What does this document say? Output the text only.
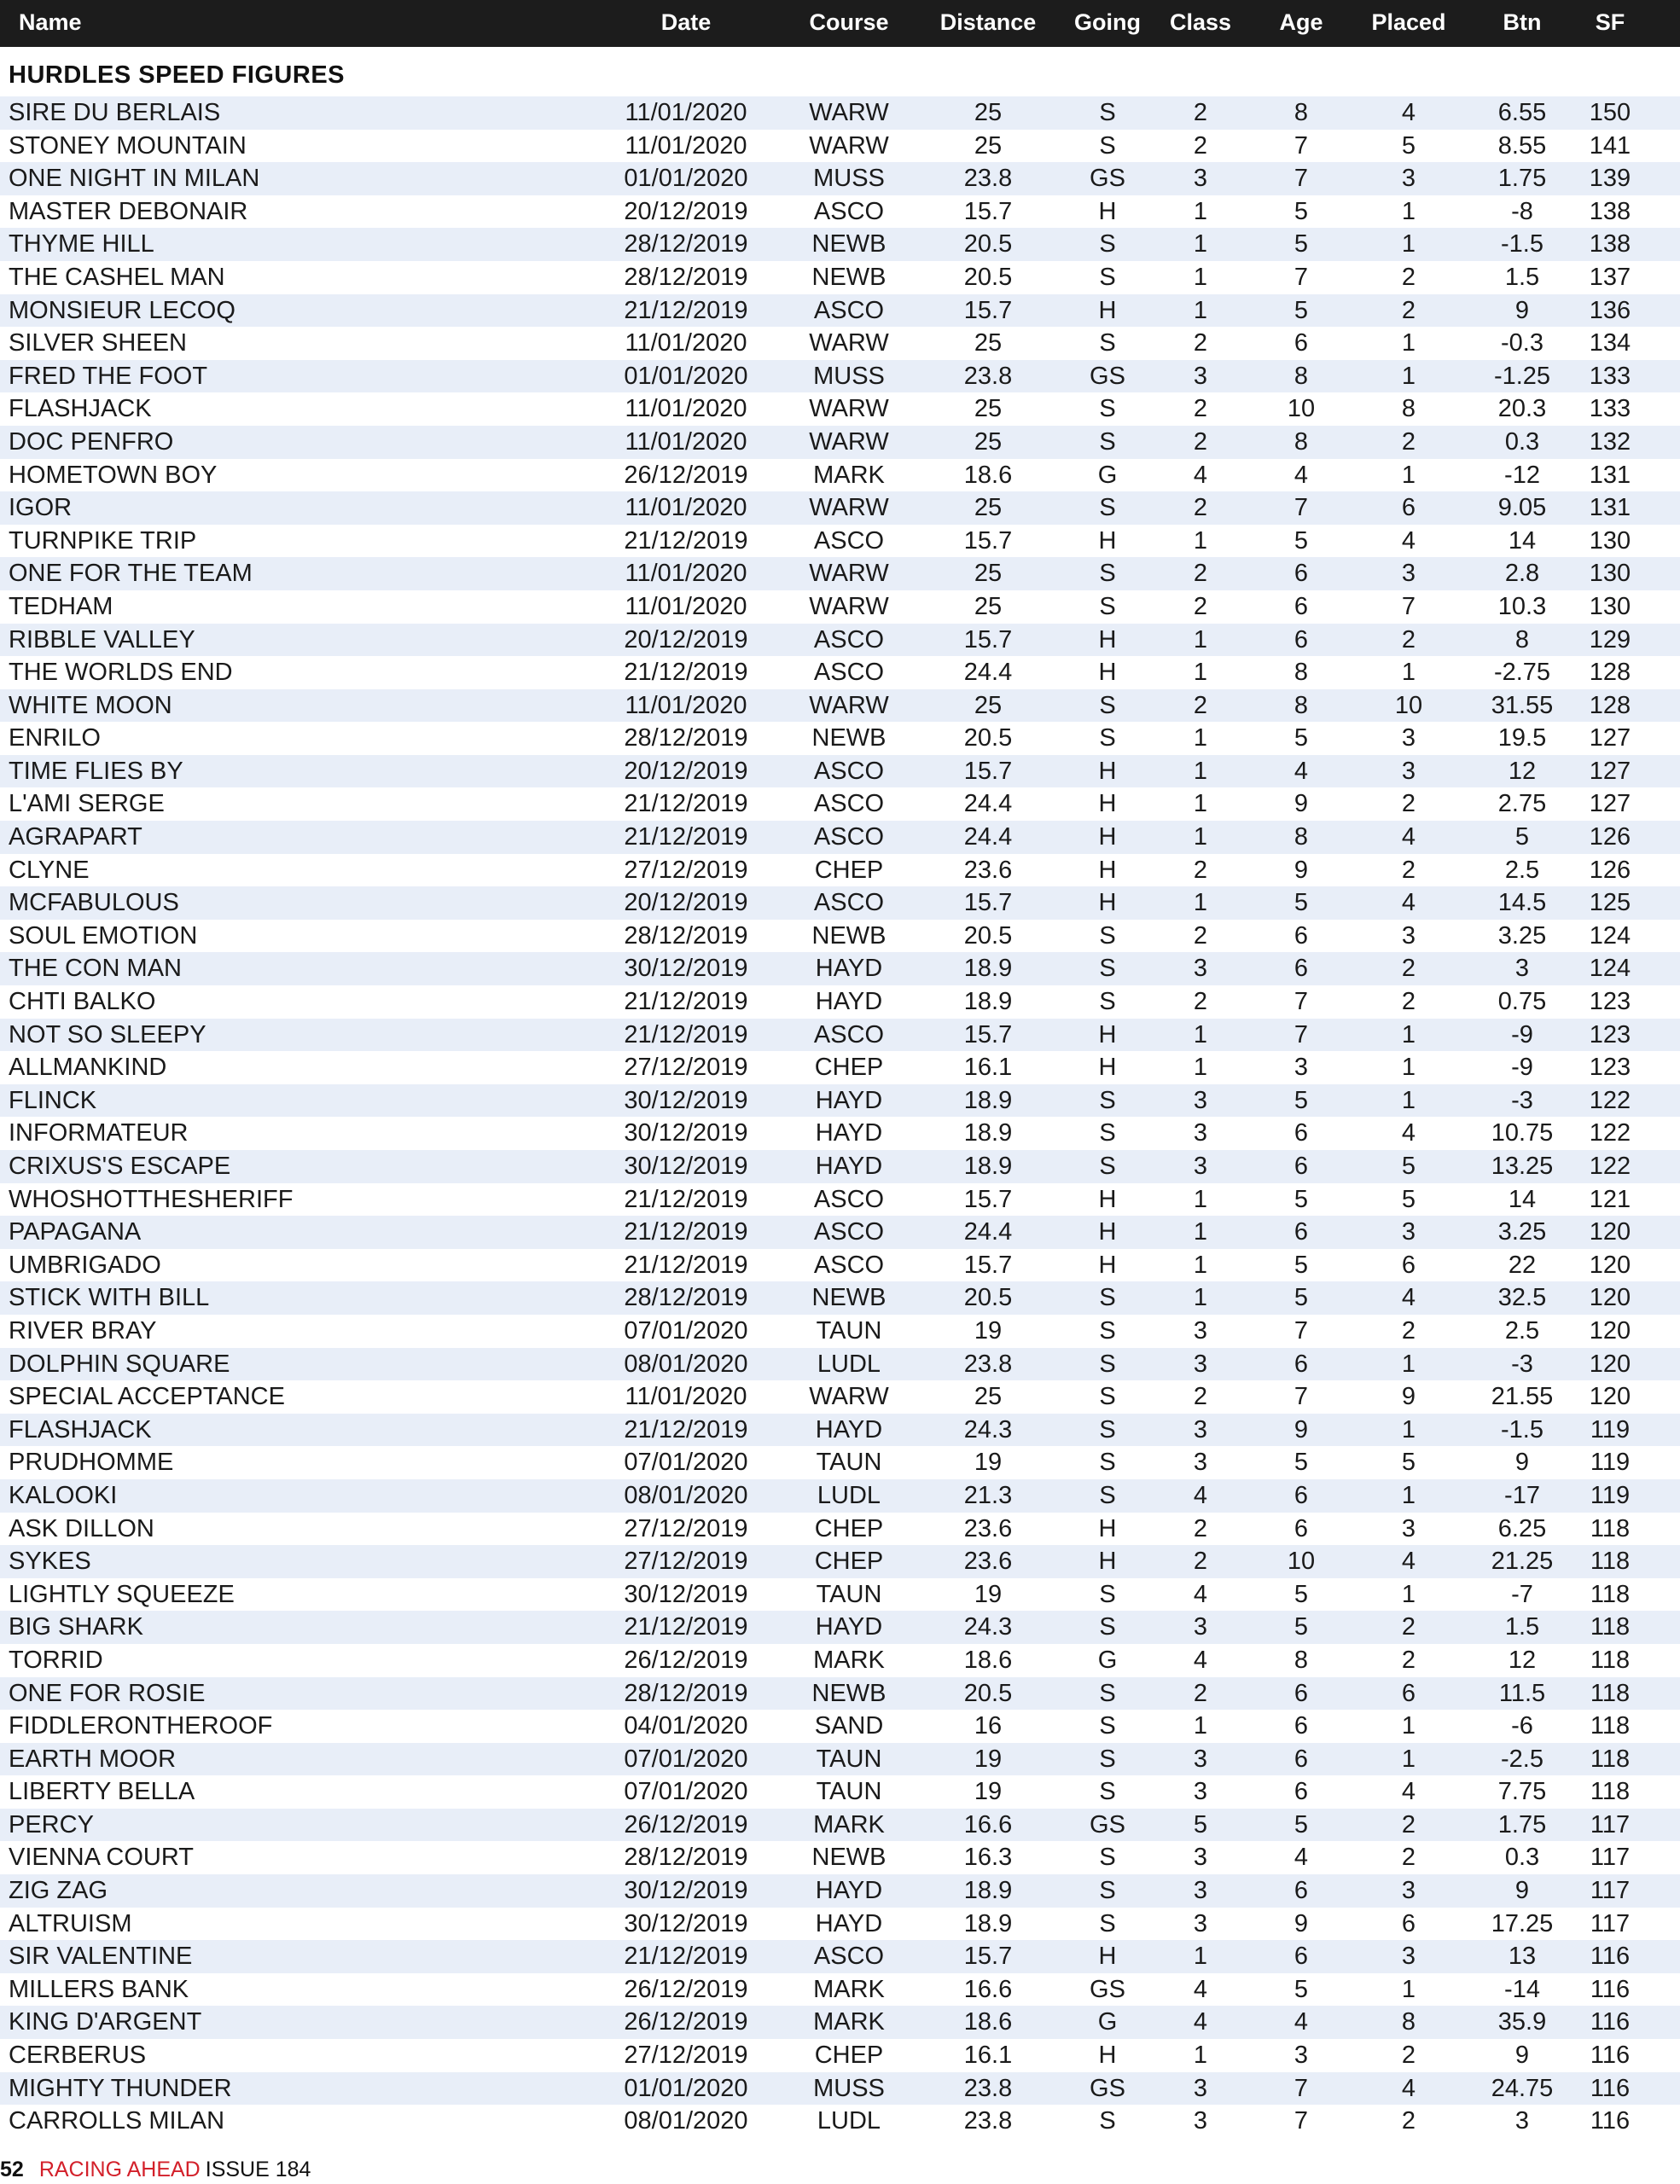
Name	Date	Course	Distance	Going	Class	Age	Placed	Btn	SF
HURDLES SPEED FIGURES
SIRE DU BERLAIS	11/01/2020	WARW	25	S	2	8	4	6.55	150
STONEY MOUNTAIN	11/01/2020	WARW	25	S	2	7	5	8.55	141
ONE NIGHT IN MILAN	01/01/2020	MUSS	23.8	GS	3	7	3	1.75	139
MASTER DEBONAIR	20/12/2019	ASCO	15.7	H	1	5	1	-8	138
THYME HILL	28/12/2019	NEWB	20.5	S	1	5	1	-1.5	138
THE CASHEL MAN	28/12/2019	NEWB	20.5	S	1	7	2	1.5	137
MONSIEUR LECOQ	21/12/2019	ASCO	15.7	H	1	5	2	9	136
SILVER SHEEN	11/01/2020	WARW	25	S	2	6	1	-0.3	134
FRED THE FOOT	01/01/2020	MUSS	23.8	GS	3	8	1	-1.25	133
FLASHJACK	11/01/2020	WARW	25	S	2	10	8	20.3	133
DOC PENFRO	11/01/2020	WARW	25	S	2	8	2	0.3	132
HOMETOWN BOY	26/12/2019	MARK	18.6	G	4	4	1	-12	131
IGOR	11/01/2020	WARW	25	S	2	7	6	9.05	131
TURNPIKE TRIP	21/12/2019	ASCO	15.7	H	1	5	4	14	130
ONE FOR THE TEAM	11/01/2020	WARW	25	S	2	6	3	2.8	130
TEDHAM	11/01/2020	WARW	25	S	2	6	7	10.3	130
RIBBLE VALLEY	20/12/2019	ASCO	15.7	H	1	6	2	8	129
THE WORLDS END	21/12/2019	ASCO	24.4	H	1	8	1	-2.75	128
WHITE MOON	11/01/2020	WARW	25	S	2	8	10	31.55	128
ENRILO	28/12/2019	NEWB	20.5	S	1	5	3	19.5	127
TIME FLIES BY	20/12/2019	ASCO	15.7	H	1	4	3	12	127
L'AMI SERGE	21/12/2019	ASCO	24.4	H	1	9	2	2.75	127
AGRAPART	21/12/2019	ASCO	24.4	H	1	8	4	5	126
CLYNE	27/12/2019	CHEP	23.6	H	2	9	2	2.5	126
MCFABULOUS	20/12/2019	ASCO	15.7	H	1	5	4	14.5	125
SOUL EMOTION	28/12/2019	NEWB	20.5	S	2	6	3	3.25	124
THE CON MAN	30/12/2019	HAYD	18.9	S	3	6	2	3	124
CHTI BALKO	21/12/2019	HAYD	18.9	S	2	7	2	0.75	123
NOT SO SLEEPY	21/12/2019	ASCO	15.7	H	1	7	1	-9	123
ALLMANKIND	27/12/2019	CHEP	16.1	H	1	3	1	-9	123
FLINCK	30/12/2019	HAYD	18.9	S	3	5	1	-3	122
INFORMATEUR	30/12/2019	HAYD	18.9	S	3	6	4	10.75	122
CRIXUS'S ESCAPE	30/12/2019	HAYD	18.9	S	3	6	5	13.25	122
WHOSHOTTHESHERIFF	21/12/2019	ASCO	15.7	H	1	5	5	14	121
PAPAGANA	21/12/2019	ASCO	24.4	H	1	6	3	3.25	120
UMBRIGADO	21/12/2019	ASCO	15.7	H	1	5	6	22	120
STICK WITH BILL	28/12/2019	NEWB	20.5	S	1	5	4	32.5	120
RIVER BRAY	07/01/2020	TAUN	19	S	3	7	2	2.5	120
DOLPHIN SQUARE	08/01/2020	LUDL	23.8	S	3	6	1	-3	120
SPECIAL ACCEPTANCE	11/01/2020	WARW	25	S	2	7	9	21.55	120
FLASHJACK	21/12/2019	HAYD	24.3	S	3	9	1	-1.5	119
PRUDHOMME	07/01/2020	TAUN	19	S	3	5	5	9	119
KALOOKI	08/01/2020	LUDL	21.3	S	4	6	1	-17	119
ASK DILLON	27/12/2019	CHEP	23.6	H	2	6	3	6.25	118
SYKES	27/12/2019	CHEP	23.6	H	2	10	4	21.25	118
LIGHTLY SQUEEZE	30/12/2019	TAUN	19	S	4	5	1	-7	118
BIG SHARK	21/12/2019	HAYD	24.3	S	3	5	2	1.5	118
TORRID	26/12/2019	MARK	18.6	G	4	8	2	12	118
ONE FOR ROSIE	28/12/2019	NEWB	20.5	S	2	6	6	11.5	118
FIDDLERONTHEROOF	04/01/2020	SAND	16	S	1	6	1	-6	118
EARTH MOOR	07/01/2020	TAUN	19	S	3	6	1	-2.5	118
LIBERTY BELLA	07/01/2020	TAUN	19	S	3	6	4	7.75	118
PERCY	26/12/2019	MARK	16.6	GS	5	5	2	1.75	117
VIENNA COURT	28/12/2019	NEWB	16.3	S	3	4	2	0.3	117
ZIG ZAG	30/12/2019	HAYD	18.9	S	3	6	3	9	117
ALTRUISM	30/12/2019	HAYD	18.9	S	3	9	6	17.25	117
SIR VALENTINE	21/12/2019	ASCO	15.7	H	1	6	3	13	116
MILLERS BANK	26/12/2019	MARK	16.6	GS	4	5	1	-14	116
KING D'ARGENT	26/12/2019	MARK	18.6	G	4	4	8	35.9	116
CERBERUS	27/12/2019	CHEP	16.1	H	1	3	2	9	116
MIGHTY THUNDER	01/01/2020	MUSS	23.8	GS	3	7	4	24.75	116
CARROLLS MILAN	08/01/2020	LUDL	23.8	S	3	7	2	3	116
52 RACING AHEAD ISSUE 184
